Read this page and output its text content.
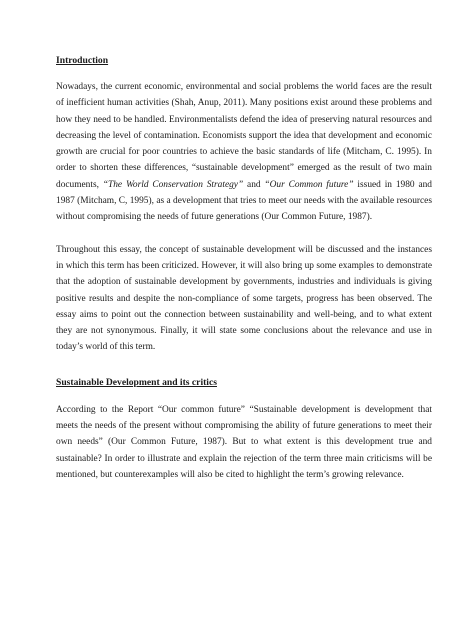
Introduction

Nowadays, the current economic, environmental and social problems the world faces are the result of inefficient human activities (Shah, Anup, 2011). Many positions exist around these problems and how they need to be handled. Environmentalists defend the idea of preserving natural resources and decreasing the level of contamination. Economists support the idea that development and economic growth are crucial for poor countries to achieve the basic standards of life (Mitcham, C. 1995). In order to shorten these differences, “sustainable development” emerged as the result of two main documents, “The World Conservation Strategy” and “Our Common future” issued in 1980 and 1987 (Mitcham, C, 1995), as a development that tries to meet our needs with the available resources without compromising the needs of future generations (Our Common Future, 1987).

Throughout this essay, the concept of sustainable development will be discussed and the instances in which this term has been criticized. However, it will also bring up some examples to demonstrate that the adoption of sustainable development by governments, industries and individuals is giving positive results and despite the non-compliance of some targets, progress has been observed. The essay aims to point out the connection between sustainability and well-being, and to what extent they are not synonymous. Finally, it will state some conclusions about the relevance and use in today’s world of this term.

Sustainable Development and its critics

According to the Report “Our common future” “Sustainable development is development that meets the needs of the present without compromising the ability of future generations to meet their own needs” (Our Common Future, 1987). But to what extent is this development true and sustainable? In order to illustrate and explain the rejection of the term three main criticisms will be mentioned, but counterexamples will also be cited to highlight the term’s growing relevance.
